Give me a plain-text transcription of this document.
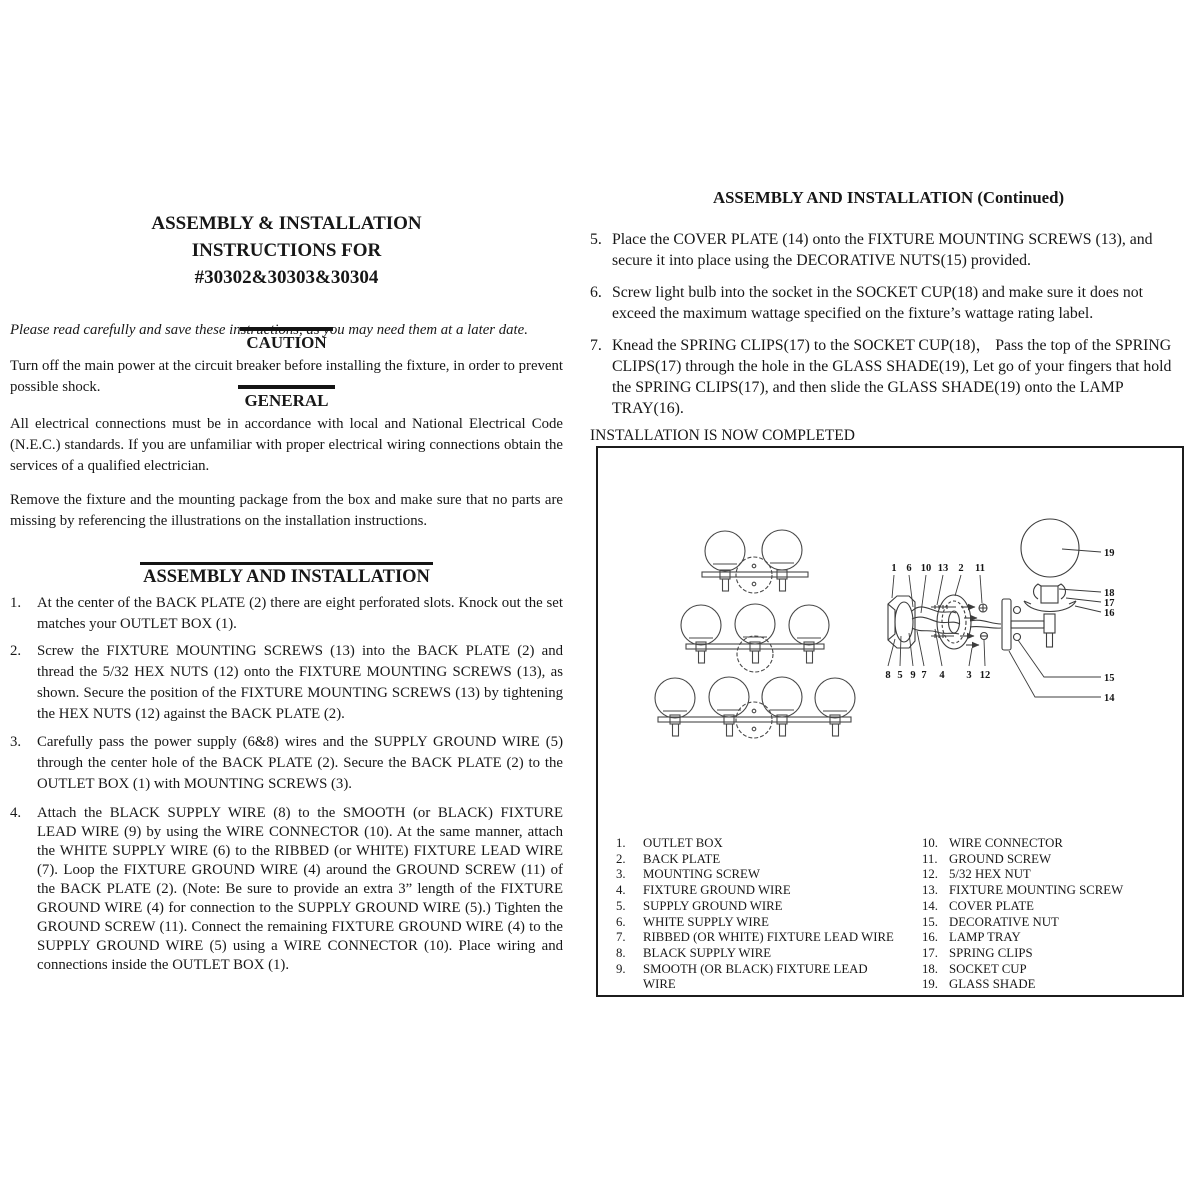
ASSEMBLY & INSTALLATION
INSTRUCTIONS FOR
#30302&30303&30304

Please read carefully and save these instructions, as you may need them at a later date.

CAUTION

Turn off the main power at the circuit breaker before installing the fixture, in order to prevent possible shock.

GENERAL

All electrical connections must be in accordance with local and National Electrical Code (N.E.C.) standards. If you are unfamiliar with proper electrical wiring connections obtain the services of a qualified electrician.

Remove the fixture and the mounting package from the box and make sure that no parts are missing by referencing the illustrations on the installation instructions.

ASSEMBLY AND INSTALLATION
1.	At the center of the BACK PLATE (2) there are eight perforated slots. Knock out the set matches your OUTLET BOX (1).
2.	Screw the FIXTURE MOUNTING SCREWS (13) into the BACK PLATE (2) and thread the 5/32 HEX NUTS (12) onto the FIXTURE MOUNTING SCREWS (13), as shown. Secure the position of the FIXTURE MOUNTING SCREWS (13) by tightening the HEX NUTS (12) against the BACK PLATE (2).
3.	Carefully pass the power supply (6&8) wires and the SUPPLY GROUND WIRE (5) through the center hole of the BACK PLATE (2). Secure the BACK PLATE (2) to the OUTLET BOX (1) with MOUNTING SCREWS (3).
4.	Attach the BLACK SUPPLY WIRE (8) to the SMOOTH (or BLACK) FIXTURE LEAD WIRE (9) by using the WIRE CONNECTOR (10). At the same manner, attach the WHITE SUPPLY WIRE (6) to the RIBBED (or WHITE) FIXTURE LEAD WIRE (7). Loop the FIXTURE GROUND WIRE (4) around the GROUND SCREW (11) of the BACK PLATE (2). (Note: Be sure to provide an extra 3” length of the FIXTURE GROUND WIRE (4) for connection to the SUPPLY GROUND WIRE (5).) Tighten the GROUND SCREW (11). Connect the remaining FIXTURE GROUND WIRE (4) to the SUPPLY GROUND WIRE (5) using a WIRE CONNECTOR (10). Place wiring and connections inside the OUTLET BOX (1).
ASSEMBLY AND INSTALLATION (Continued)
5. Place the COVER PLATE (14) onto the FIXTURE MOUNTING SCREWS (13), and secure it into place using the DECORATIVE NUTS(15) provided.
6. Screw light bulb into the socket in the SOCKET CUP(18) and make sure it does not exceed the maximum wattage specified on the fixture’s wattage rating label.
7. Knead the SPRING CLIPS(17) to the SOCKET CUP(18)， Pass the top of the SPRING CLIPS(17) through the hole in the GLASS SHADE(19), Let go of your fingers that hold the SPRING CLIPS(17), and then slide the GLASS SHADE(19) onto the LAMP TRAY(16).
INSTALLATION IS NOW COMPLETED
1 6 10 13 2 11
8 5 9 7 4 3 12
19
18
17
16
15
14
1.	OUTLET BOX
2.	BACK PLATE
3.	MOUNTING SCREW
4.	FIXTURE GROUND WIRE
5.	SUPPLY GROUND WIRE
6.	WHITE SUPPLY WIRE
7.	RIBBED (OR WHITE) FIXTURE LEAD WIRE
8.	BLACK SUPPLY WIRE
9.	SMOOTH (OR BLACK) FIXTURE LEAD
WIRE
10. WIRE CONNECTOR
11. GROUND SCREW
12. 5/32 HEX NUT
13. FIXTURE MOUNTING SCREW
14. COVER PLATE
15. DECORATIVE NUT
16. LAMP TRAY
17. SPRING CLIPS
18. SOCKET CUP
19. GLASS SHADE
